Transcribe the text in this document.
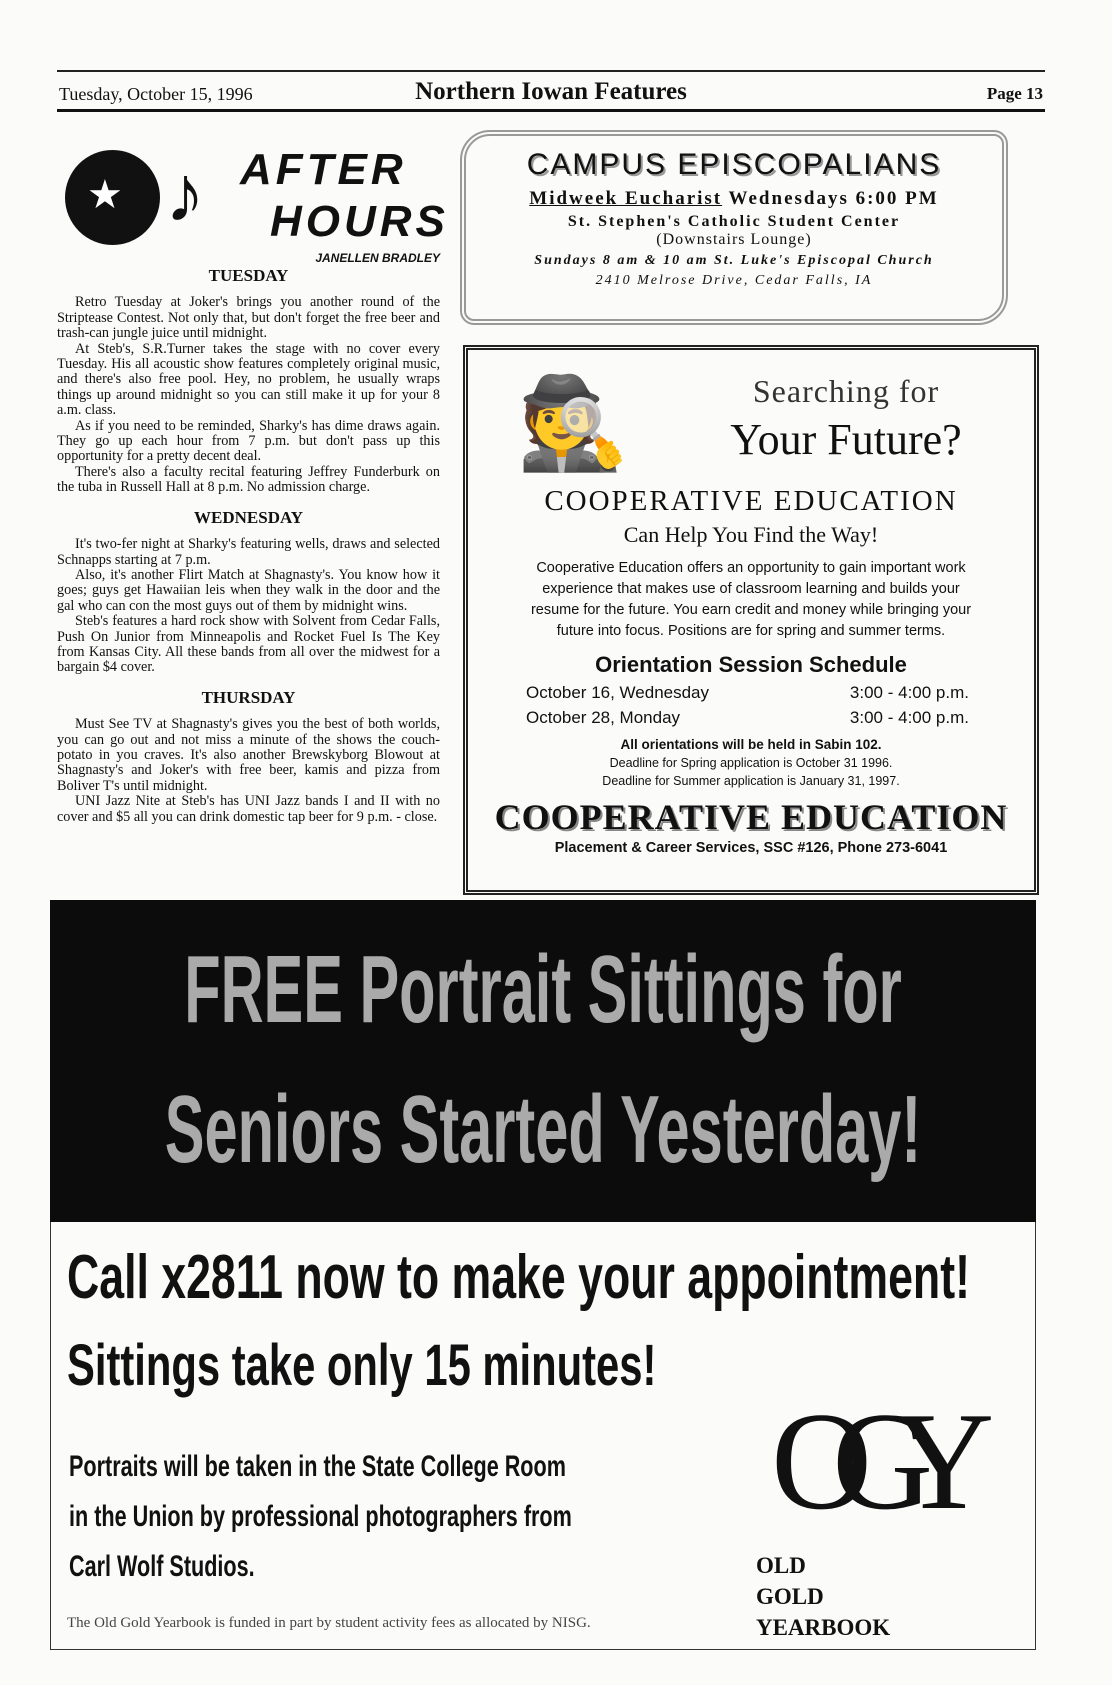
Tuesday, October 15, 1996	Northern Iowan Features	Page 13
★ ♪ AFTER
HOURS
JANELLEN BRADLEY
TUESDAY

Retro Tuesday at Joker's brings you another round of the Striptease Contest. Not only that, but don't forget the free beer and trash-can jungle juice until midnight.

At Steb's, S.R.Turner takes the stage with no cover every Tuesday. His all acoustic show features completely original music, and there's also free pool. Hey, no problem, he usually wraps things up around midnight so you can still make it up for your 8 a.m. class.

As if you need to be reminded, Sharky's has dime draws again. They go up each hour from 7 p.m. but don't pass up this opportunity for a pretty decent deal.

There's also a faculty recital featuring Jeffrey Funderburk on the tuba in Russell Hall at 8 p.m. No admission charge.

WEDNESDAY

It's two-fer night at Sharky's featuring wells, draws and selected Schnapps starting at 7 p.m.

Also, it's another Flirt Match at Shagnasty's. You know how it goes; guys get Hawaiian leis when they walk in the door and the gal who can con the most guys out of them by midnight wins.

Steb's features a hard rock show with Solvent from Cedar Falls, Push On Junior from Minneapolis and Rocket Fuel Is The Key from Kansas City. All these bands from all over the midwest for a bargain $4 cover.

THURSDAY

Must See TV at Shagnasty's gives you the best of both worlds, you can go out and not miss a minute of the shows the couch-potato in you craves. It's also another Brewskyborg Blowout at Shagnasty's and Joker's with free beer, kamis and pizza from Boliver T's until midnight.

UNI Jazz Nite at Steb's has UNI Jazz bands I and II with no cover and $5 all you can drink domestic tap beer for 9 p.m. - close.

CAMPUS EPISCOPALIANS
Midweek Eucharist Wednesdays 6:00 PM
St. Stephen's Catholic Student Center
(Downstairs Lounge)
Sundays 8 am & 10 am St. Luke's Episcopal Church
2410 Melrose Drive, Cedar Falls, IA
🕵	Searching for
Your Future?
COOPERATIVE EDUCATION
Can Help You Find the Way!
Cooperative Education offers an opportunity to gain important work experience that makes use of classroom learning and builds your resume for the future. You earn credit and money while bringing your future into focus. Positions are for spring and summer terms.
Orientation Session Schedule
October 16, Wednesday	3:00 - 4:00 p.m.
October 28, Monday	3:00 - 4:00 p.m.
All orientations will be held in Sabin 102.
Deadline for Spring application is October 31 1996.
Deadline for Summer application is January 31, 1997.
COOPERATIVE EDUCATION
Placement & Career Services, SSC #126, Phone 273-6041
FREE Portrait Sittings for
Seniors Started Yesterday!
Call x2811 now to make your appointment!
Sittings take only 15 minutes!
Portraits will be taken in the State College Room
in the Union by professional photographers from
Carl Wolf Studios.
The Old Gold Yearbook is funded in part by student activity fees as allocated by NISG.
OGY
OLD
GOLD
YEARBOOK
